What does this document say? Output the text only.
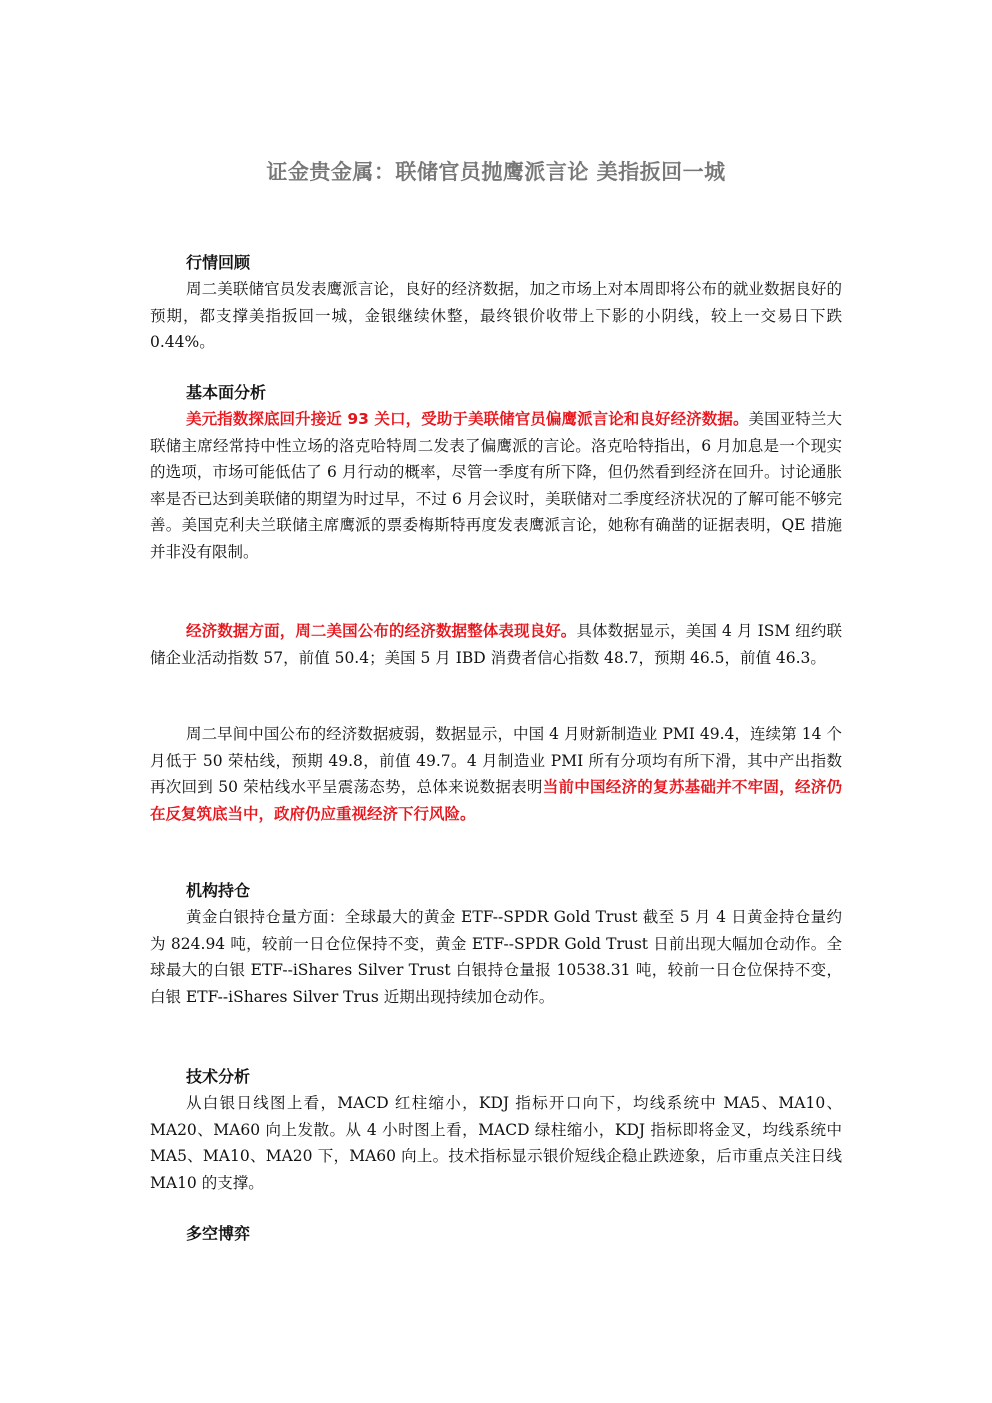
证金贵金属：联储官员抛鹰派言论 美指扳回一城

行情回顾

周二美联储官员发表鹰派言论，良好的经济数据，加之市场上对本周即将公布的就业数据良好的预期，都支撑美指扳回一城，金银继续休整，最终银价收带上下影的小阴线，较上一交易日下跌 0.44%。

基本面分析

美元指数探底回升接近 93 关口，受助于美联储官员偏鹰派言论和良好经济数据。美国亚特兰大联储主席经常持中性立场的洛克哈特周二发表了偏鹰派的言论。洛克哈特指出，6 月加息是一个现实的选项，市场可能低估了 6 月行动的概率，尽管一季度有所下降，但仍然看到经济在回升。讨论通胀率是否已达到美联储的期望为时过早，不过 6 月会议时，美联储对二季度经济状况的了解可能不够完善。美国克利夫兰联储主席鹰派的票委梅斯特再度发表鹰派言论，她称有确凿的证据表明，QE 措施并非没有限制。

经济数据方面，周二美国公布的经济数据整体表现良好。具体数据显示，美国 4 月 ISM 纽约联储企业活动指数 57，前值 50.4；美国 5 月 IBD 消费者信心指数 48.7，预期 46.5，前值 46.3。

周二早间中国公布的经济数据疲弱，数据显示，中国 4 月财新制造业 PMI 49.4，连续第 14 个月低于 50 荣枯线，预期 49.8，前值 49.7。4 月制造业 PMI 所有分项均有所下滑，其中产出指数再次回到 50 荣枯线水平呈震荡态势，总体来说数据表明当前中国经济的复苏基础并不牢固，经济仍在反复筑底当中，政府仍应重视经济下行风险。

机构持仓

黄金白银持仓量方面：全球最大的黄金 ETF--SPDR Gold Trust 截至 5 月 4 日黄金持仓量约为 824.94 吨，较前一日仓位保持不变，黄金 ETF--SPDR Gold Trust 日前出现大幅加仓动作。全球最大的白银 ETF--iShares Silver Trust 白银持仓量报 10538.31 吨，较前一日仓位保持不变，白银 ETF--iShares Silver Trus 近期出现持续加仓动作。

技术分析

从白银日线图上看，MACD 红柱缩小，KDJ 指标开口向下，均线系统中 MA5、MA10、MA20、MA60 向上发散。从 4 小时图上看，MACD 绿柱缩小，KDJ 指标即将金叉，均线系统中 MA5、MA10、MA20 下，MA60 向上。技术指标显示银价短线企稳止跌迹象，后市重点关注日线 MA10 的支撑。

多空博弈
